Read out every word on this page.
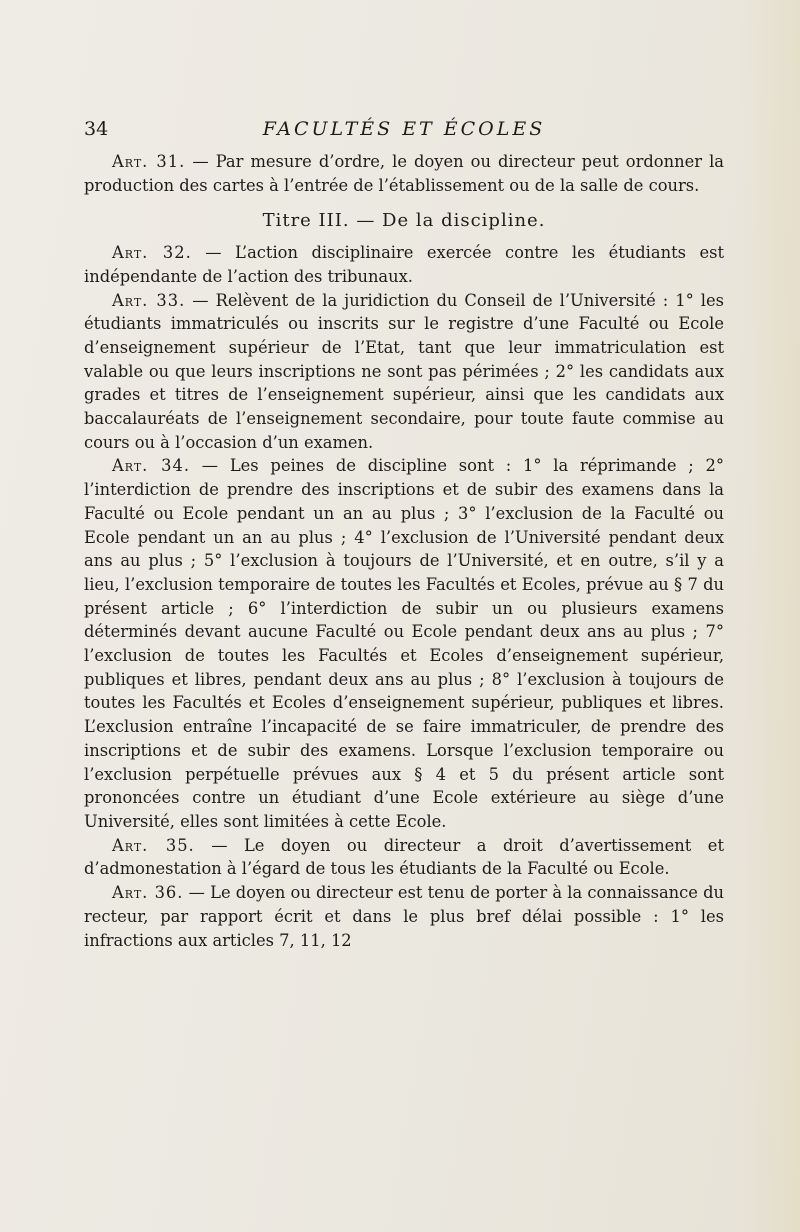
34	FACULTÉS ET ÉCOLES

Art. 31. — Par mesure d’ordre, le doyen ou directeur peut ordonner la production des cartes à l’entrée de l’établissement ou de la salle de cours.

Titre III. — De la discipline.

Art. 32. — L’action disciplinaire exercée contre les étudiants est indépendante de l’action des tribunaux.

Art. 33. — Relèvent de la juridiction du Conseil de l’Université : 1° les étudiants immatriculés ou inscrits sur le registre d’une Faculté ou Ecole d’enseignement supérieur de l’Etat, tant que leur immatriculation est valable ou que leurs inscriptions ne sont pas périmées ; 2° les candidats aux grades et titres de l’enseignement supérieur, ainsi que les candidats aux baccalauréats de l’enseignement secondaire, pour toute faute commise au cours ou à l’occasion d’un examen.

Art. 34. — Les peines de discipline sont : 1° la réprimande ; 2° l’interdiction de prendre des inscriptions et de subir des examens dans la Faculté ou Ecole pendant un an au plus ; 3° l’exclusion de la Faculté ou Ecole pendant un an au plus ; 4° l’exclusion de l’Université pendant deux ans au plus ; 5° l’exclusion à toujours de l’Université, et en outre, s’il y a lieu, l’exclusion temporaire de toutes les Facultés et Ecoles, prévue au § 7 du présent article ; 6° l’interdiction de subir un ou plusieurs examens déterminés devant aucune Faculté ou Ecole pendant deux ans au plus ; 7° l’exclusion de toutes les Facultés et Ecoles d’enseignement supérieur, publiques et libres, pendant deux ans au plus ; 8° l’exclusion à toujours de toutes les Facultés et Ecoles d’enseignement supérieur, publiques et libres. L’exclusion entraîne l’incapacité de se faire immatriculer, de prendre des inscriptions et de subir des examens. Lorsque l’exclusion temporaire ou l’exclusion perpétuelle prévues aux § 4 et 5 du présent article sont prononcées contre un étudiant d’une Ecole extérieure au siège d’une Université, elles sont limitées à cette Ecole.

Art. 35. — Le doyen ou directeur a droit d’avertissement et d’admonestation à l’égard de tous les étudiants de la Faculté ou Ecole.

Art. 36. — Le doyen ou directeur est tenu de porter à la connaissance du recteur, par rapport écrit et dans le plus bref délai possible : 1° les infractions aux articles 7, 11, 12
